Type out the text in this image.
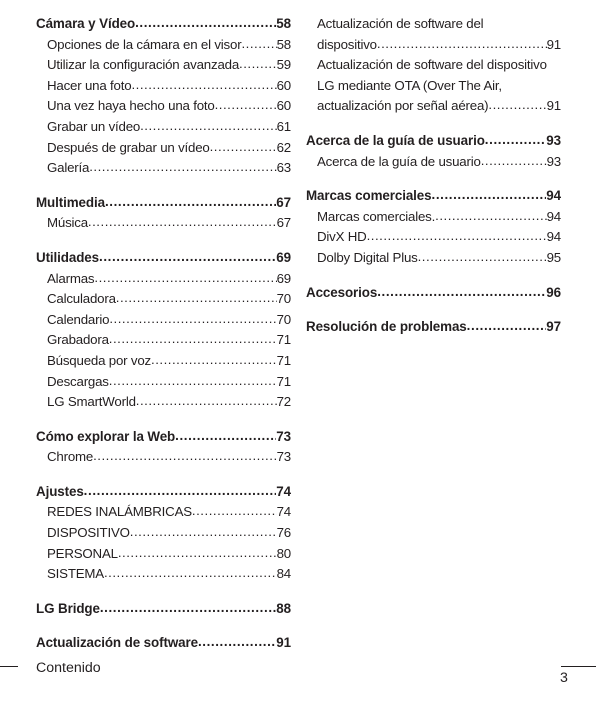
Cámara y Vídeo .....	58
Opciones de la cámara en el visor .....	58
Utilizar la configuración avanzada .....	59
Hacer una foto .....	60
Una vez haya hecho una foto .....	60
Grabar un vídeo .....	61
Después de grabar un vídeo .....	62
Galería .....	63
Multimedia .....	67
Música .....	67
Utilidades .....	69
Alarmas .....	69
Calculadora .....	70
Calendario .....	70
Grabadora .....	71
Búsqueda por voz .....	71
Descargas .....	71
LG SmartWorld .....	72
Cómo explorar la Web .....	73
Chrome .....	73
Ajustes .....	74
REDES INALÁMBRICAS .....	74
DISPOSITIVO .....	76
PERSONAL .....	80
SISTEMA .....	84
LG Bridge .....	88
Actualización de software .....	91
Actualización de software del
dispositivo .....	91
Actualización de software del dispositivo
LG mediante OTA (Over The Air,
actualización por señal aérea) .....	91
Acerca de la guía de usuario .....	93
Acerca de la guía de usuario .....	93
Marcas comerciales .....	94
Marcas comerciales. .....	94
DivX HD .....	94
Dolby Digital Plus .....	95
Accesorios .....	96
Resolución de problemas .....	97
Contenido
3
